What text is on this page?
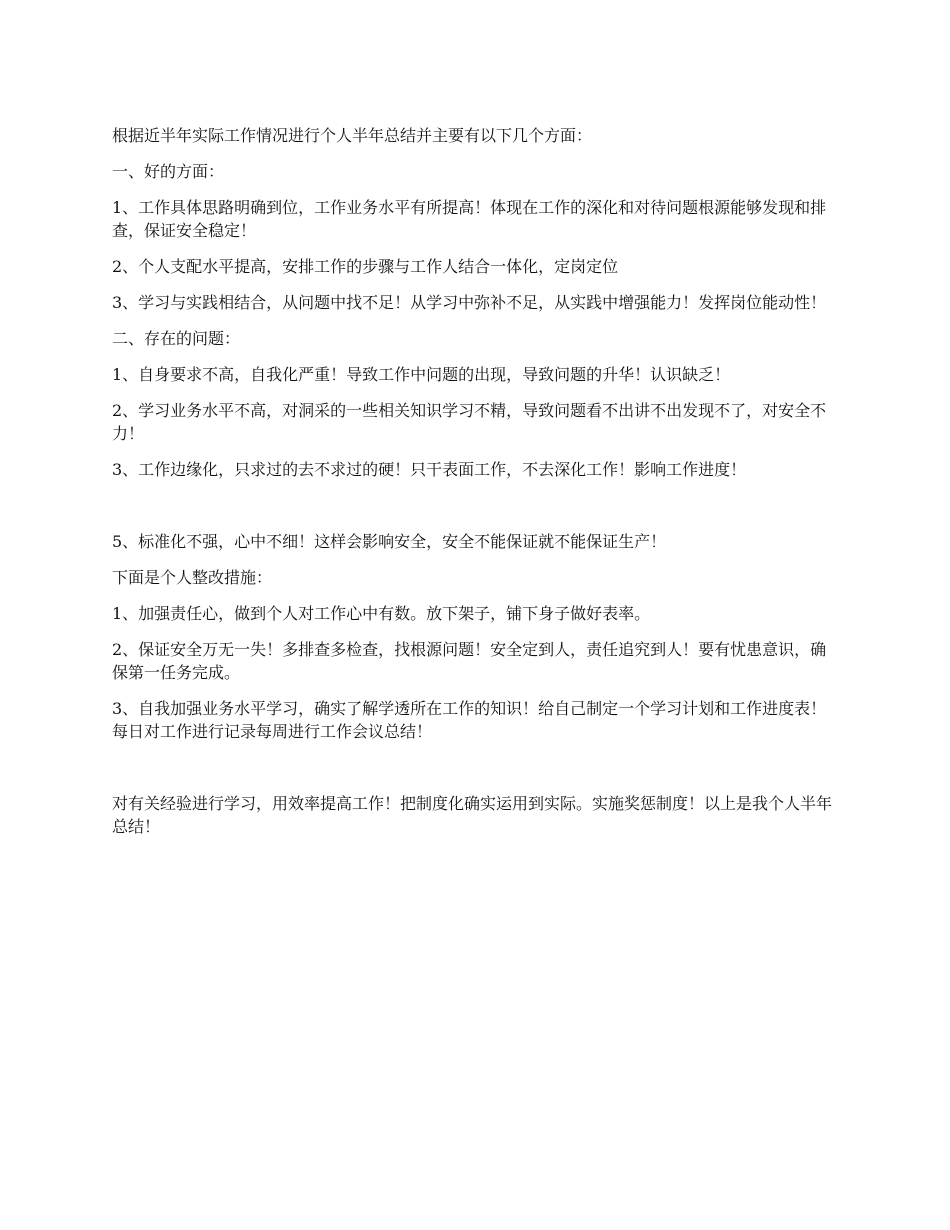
根据近半年实际工作情况进行个人半年总结并主要有以下几个方面：

一、好的方面：

1、工作具体思路明确到位，工作业务水平有所提高！体现在工作的深化和对待问题根源能够发现和排查，保证安全稳定！

2、个人支配水平提高，安排工作的步骤与工作人结合一体化，定岗定位

3、学习与实践相结合，从问题中找不足！从学习中弥补不足，从实践中增强能力！发挥岗位能动性！

二、存在的问题：

1、自身要求不高，自我化严重！导致工作中问题的出现，导致问题的升华！认识缺乏！

2、学习业务水平不高，对洞采的一些相关知识学习不精，导致问题看不出讲不出发现不了，对安全不力！

3、工作边缘化，只求过的去不求过的硬！只干表面工作，不去深化工作！影响工作进度！

5、标准化不强，心中不细！这样会影响安全，安全不能保证就不能保证生产！

下面是个人整改措施：

1、加强责任心，做到个人对工作心中有数。放下架子，铺下身子做好表率。

2、保证安全万无一失！多排查多检查，找根源问题！安全定到人，责任追究到人！要有忧患意识，确保第一任务完成。

3、自我加强业务水平学习，确实了解学透所在工作的知识！给自己制定一个学习计划和工作进度表！每日对工作进行记录每周进行工作会议总结！

对有关经验进行学习，用效率提高工作！把制度化确实运用到实际。实施奖惩制度！以上是我个人半年总结！
